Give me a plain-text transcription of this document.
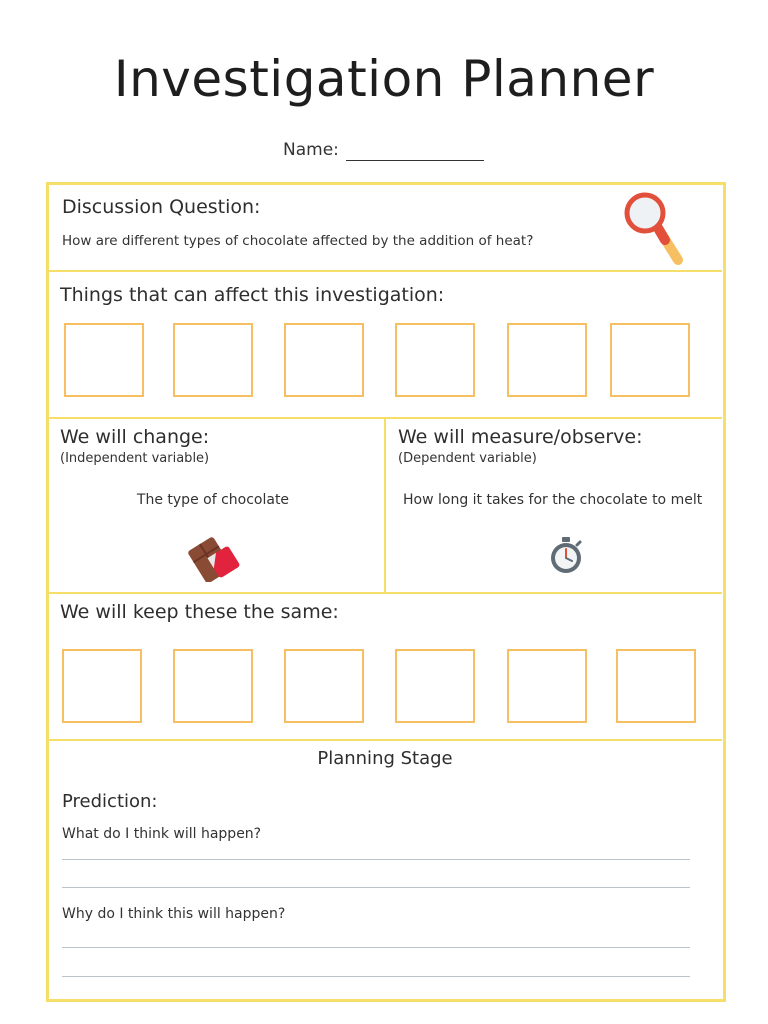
Investigation Planner
Name:
Discussion Question:
How are different types of chocolate affected by the addition of heat?
Things that can affect this investigation:
We will change:
(Independent variable)
The type of chocolate
We will measure/observe:
(Dependent variable)
How long it takes for the chocolate to melt
We will keep these the same:
Planning Stage
Prediction:
What do I think will happen?
Why do I think this will happen?
